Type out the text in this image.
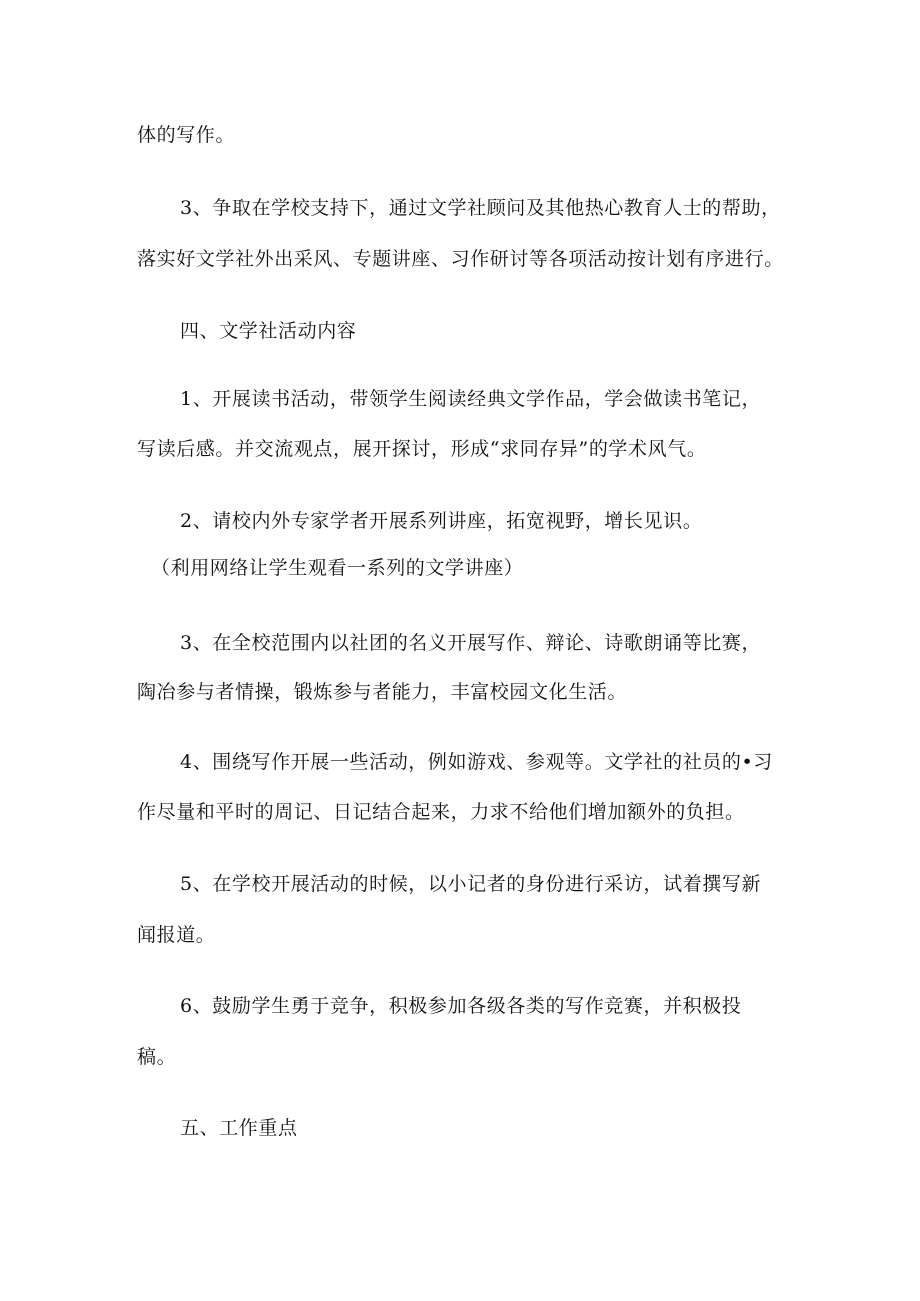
体的写作。
3、争取在学校支持下，通过文学社顾问及其他热心教育人士的帮助，
落实好文学社外出采风、专题讲座、习作研讨等各项活动按计划有序进行。
四、文学社活动内容
1、开展读书活动，带领学生阅读经典文学作品，学会做读书笔记，
写读后感。并交流观点，展开探讨，形成“求同存异”的学术风气。
2、请校内外专家学者开展系列讲座，拓宽视野，增长见识。
（利用网络让学生观看一系列的文学讲座）
3、在全校范围内以社团的名义开展写作、辩论、诗歌朗诵等比赛，
陶冶参与者情操，锻炼参与者能力，丰富校园文化生活。
4、围绕写作开展一些活动，例如游戏、参观等。文学社的社员的•习
作尽量和平时的周记、日记结合起来，力求不给他们增加额外的负担。
5、在学校开展活动的时候，以小记者的身份进行采访，试着撰写新
闻报道。
6、鼓励学生勇于竞争，积极参加各级各类的写作竞赛，并积极投
稿。
五、工作重点
